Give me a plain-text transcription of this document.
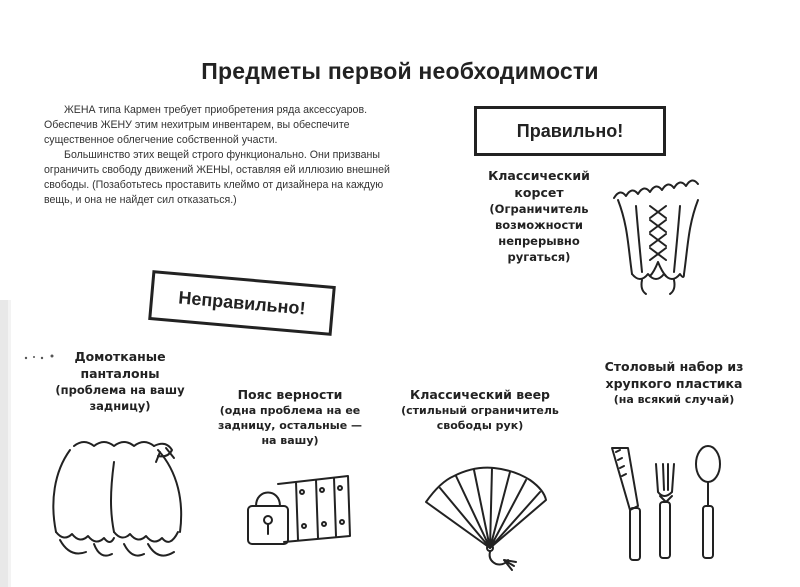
Предметы первой необходимости

ЖЕНА типа Кармен требует приобретения ряда аксессуаров. Обеспечив ЖЕНУ этим нехитрым инвентарем, вы обеспечите существенное облегчение собственной участи.

Большинство этих вещей строго функционально. Они призваны ограничить свободу движений ЖЕНЫ, оставляя ей иллюзию внешней свободы. (Позаботьтесь проставить клеймо от дизайнера на каждую вещь, и она не найдет сил отказаться.)

Правильно!
Неправильно!
Классический корсет
(Ограничитель возможности непрерывно ругаться)
Домотканые панталоны
(проблема на вашу задницу)
Пояс верности
(одна проблема на ее задницу, остальные — на вашу)
Классический веер
(стильный ограничитель свободы рук)
Столовый набор из хрупкого пластика
(на всякий случай)
